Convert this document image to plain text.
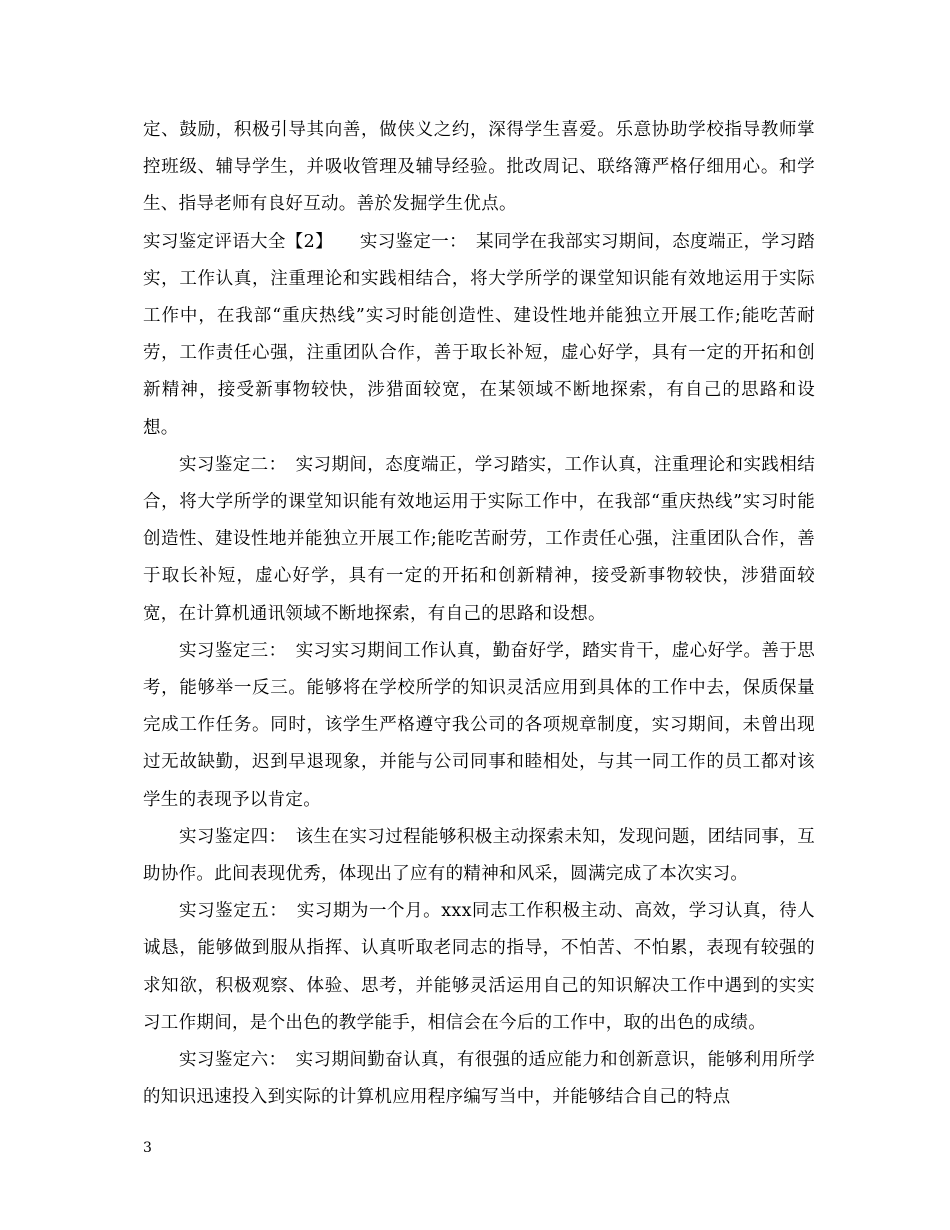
定、鼓励，积极引导其向善，做侠义之约，深得学生喜爱。乐意协助学校指导教师掌控班级、辅导学生，并吸收管理及辅导经验。批改周记、联络簿严格仔细用心。和学生、指导老师有良好互动。善於发掘学生优点。

实习鉴定评语大全【2】　　实习鉴定一：　某同学在我部实习期间，态度端正，学习踏实，工作认真，注重理论和实践相结合，将大学所学的课堂知识能有效地运用于实际工作中，在我部“重庆热线”实习时能创造性、建设性地并能独立开展工作;能吃苦耐劳，工作责任心强，注重团队合作，善于取长补短，虚心好学，具有一定的开拓和创新精神，接受新事物较快，涉猎面较宽，在某领域不断地探索，有自己的思路和设想。

实习鉴定二：　实习期间，态度端正，学习踏实，工作认真，注重理论和实践相结合，将大学所学的课堂知识能有效地运用于实际工作中，在我部“重庆热线”实习时能创造性、建设性地并能独立开展工作;能吃苦耐劳，工作责任心强，注重团队合作，善于取长补短，虚心好学，具有一定的开拓和创新精神，接受新事物较快，涉猎面较宽，在计算机通讯领域不断地探索，有自己的思路和设想。

实习鉴定三：　实习实习期间工作认真，勤奋好学，踏实肯干，虚心好学。善于思考，能够举一反三。能够将在学校所学的知识灵活应用到具体的工作中去，保质保量完成工作任务。同时，该学生严格遵守我公司的各项规章制度，实习期间，未曾出现过无故缺勤，迟到早退现象，并能与公司同事和睦相处，与其一同工作的员工都对该学生的表现予以肯定。

实习鉴定四：　该生在实习过程能够积极主动探索未知，发现问题，团结同事，互助协作。此间表现优秀，体现出了应有的精神和风采，圆满完成了本次实习。

实习鉴定五：　实习期为一个月。xxx同志工作积极主动、高效，学习认真，待人诚恳，能够做到服从指挥、认真听取老同志的指导，不怕苦、不怕累，表现有较强的求知欲，积极观察、体验、思考，并能够灵活运用自己的知识解决工作中遇到的实实习工作期间，是个出色的教学能手，相信会在今后的工作中，取的出色的成绩。

实习鉴定六：　实习期间勤奋认真，有很强的适应能力和创新意识，能够利用所学的知识迅速投入到实际的计算机应用程序编写当中，并能够结合自己的特点

3
